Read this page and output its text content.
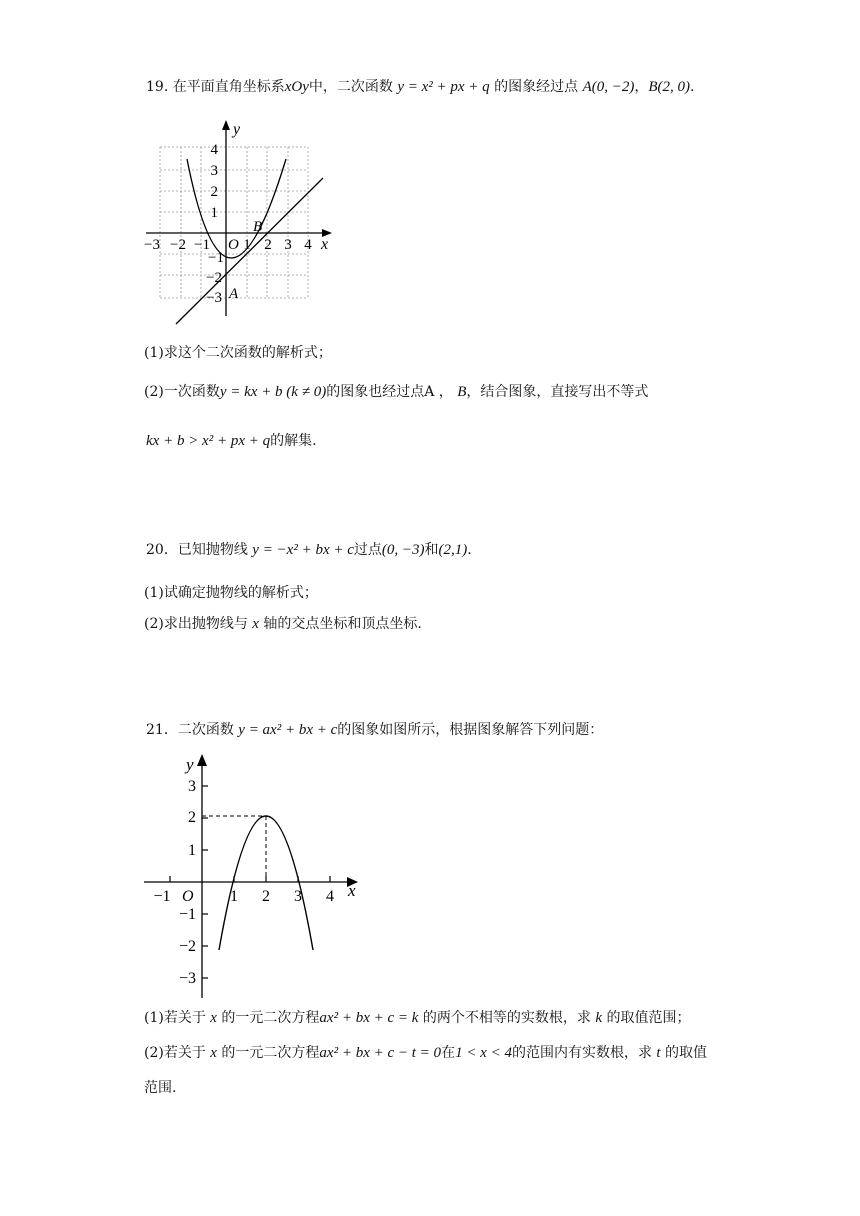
19. 在平面直角坐标系xOy中，二次函数 y = x² + px + q 的图象经过点 A(0, −2)，B(2, 0).
y
x
O
A
B
−3 −2 −1 1 2 3 4
4
3
2
1
−1
−2
−3
(1)求这个二次函数的解析式；
(2)一次函数y = kx + b (k ≠ 0)的图象也经过点A ， B，结合图象，直接写出不等式
kx + b > x² + px + q的解集.
20．已知抛物线 y = −x² + bx + c过点(0, −3)和(2,1).
(1)试确定抛物线的解析式；
(2)求出抛物线与 x 轴的交点坐标和顶点坐标.
21．二次函数 y = ax² + bx + c的图象如图所示，根据图象解答下列问题：
y
x
O
−1	1 2 3 4
3
2
1
−1
−2
−3
(1)若关于 x 的一元二次方程ax² + bx + c = k 的两个不相等的实数根，求 k 的取值范围；
(2)若关于 x 的一元二次方程ax² + bx + c − t = 0在1 < x < 4的范围内有实数根，求 t 的取值
范围.
